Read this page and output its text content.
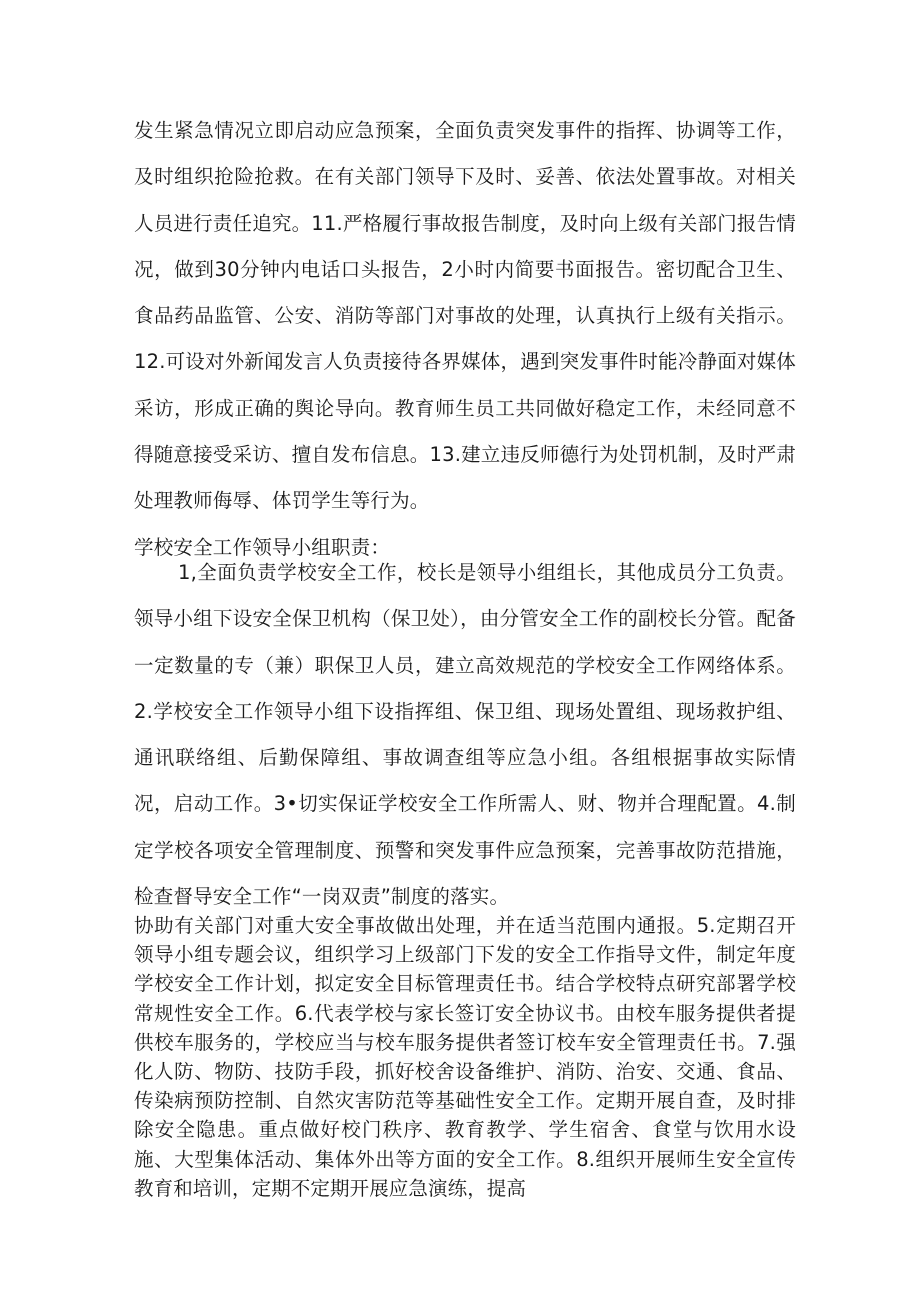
发生紧急情况立即启动应急预案，全面负责突发事件的指挥、协调等工作，及时组织抢险抢救。在有关部门领导下及时、妥善、依法处置事故。对相关人员进行责任追究。11.严格履行事故报告制度，及时向上级有关部门报告情况，做到30分钟内电话口头报告，2小时内简要书面报告。密切配合卫生、食品药品监管、公安、消防等部门对事故的处理，认真执行上级有关指示。12.可设对外新闻发言人负责接待各界媒体，遇到突发事件时能冷静面对媒体采访，形成正确的舆论导向。教育师生员工共同做好稳定工作，未经同意不得随意接受采访、擅自发布信息。13.建立违反师德行为处罚机制，及时严肃处理教师侮辱、体罚学生等行为。

学校安全工作领导小组职责：

1,全面负责学校安全工作，校长是领导小组组长，其他成员分工负责。领导小组下设安全保卫机构（保卫处），由分管安全工作的副校长分管。配备一定数量的专（兼）职保卫人员，建立高效规范的学校安全工作网络体系。2.学校安全工作领导小组下设指挥组、保卫组、现场处置组、现场救护组、通讯联络组、后勤保障组、事故调查组等应急小组。各组根据事故实际情况，启动工作。3•切实保证学校安全工作所需人、财、物并合理配置。4.制定学校各项安全管理制度、预警和突发事件应急预案，完善事故防范措施，检查督导安全工作“一岗双责”制度的落实。

协助有关部门对重大安全事故做出处理，并在适当范围内通报。5.定期召开领导小组专题会议，组织学习上级部门下发的安全工作指导文件，制定年度学校安全工作计划，拟定安全目标管理责任书。结合学校特点研究部署学校常规性安全工作。6.代表学校与家长签订安全协议书。由校车服务提供者提供校车服务的，学校应当与校车服务提供者签订校车安全管理责任书。7.强化人防、物防、技防手段，抓好校舍设备维护、消防、治安、交通、食品、传染病预防控制、自然灾害防范等基础性安全工作。定期开展自查，及时排除安全隐患。重点做好校门秩序、教育教学、学生宿舍、食堂与饮用水设施、大型集体活动、集体外出等方面的安全工作。8.组织开展师生安全宣传教育和培训，定期不定期开展应急演练，提高
